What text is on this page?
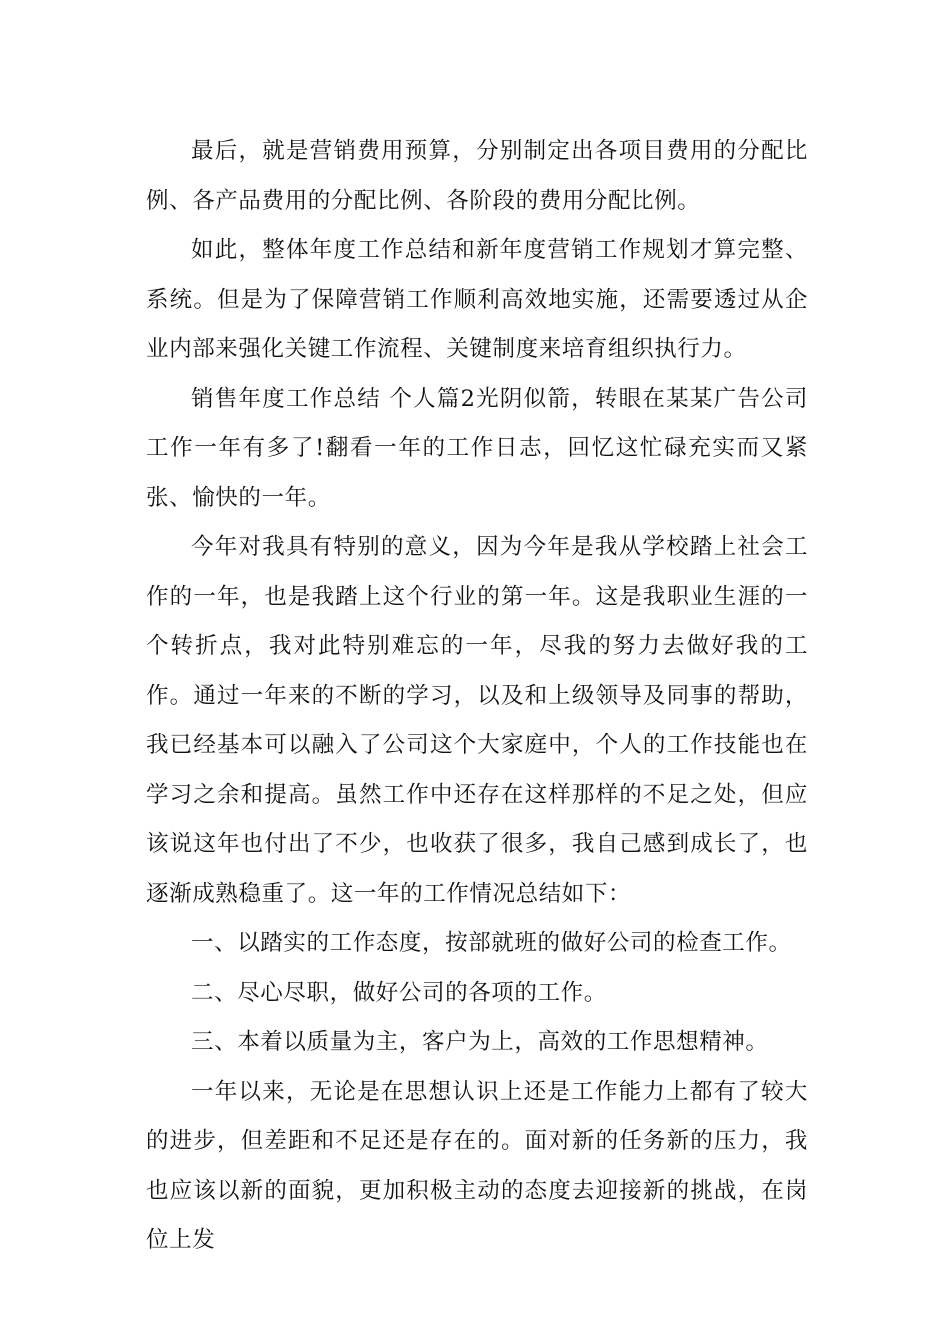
最后，就是营销费用预算，分别制定出各项目费用的分配比例、各产品费用的分配比例、各阶段的费用分配比例。

如此，整体年度工作总结和新年度营销工作规划才算完整、系统。但是为了保障营销工作顺利高效地实施，还需要透过从企业内部来强化关键工作流程、关键制度来培育组织执行力。

销售年度工作总结 个人篇2光阴似箭，转眼在某某广告公司工作一年有多了!翻看一年的工作日志，回忆这忙碌充实而又紧张、愉快的一年。

今年对我具有特别的意义，因为今年是我从学校踏上社会工作的一年，也是我踏上这个行业的第一年。这是我职业生涯的一个转折点，我对此特别难忘的一年，尽我的努力去做好我的工作。通过一年来的不断的学习，以及和上级领导及同事的帮助，我已经基本可以融入了公司这个大家庭中，个人的工作技能也在学习之余和提高。虽然工作中还存在这样那样的不足之处，但应该说这年也付出了不少，也收获了很多，我自己感到成长了，也逐渐成熟稳重了。这一年的工作情况总结如下：

一、以踏实的工作态度，按部就班的做好公司的检查工作。

二、尽心尽职，做好公司的各项的工作。

三、本着以质量为主，客户为上，高效的工作思想精神。

一年以来，无论是在思想认识上还是工作能力上都有了较大的进步，但差距和不足还是存在的。面对新的任务新的压力，我也应该以新的面貌，更加积极主动的态度去迎接新的挑战，在岗位上发
